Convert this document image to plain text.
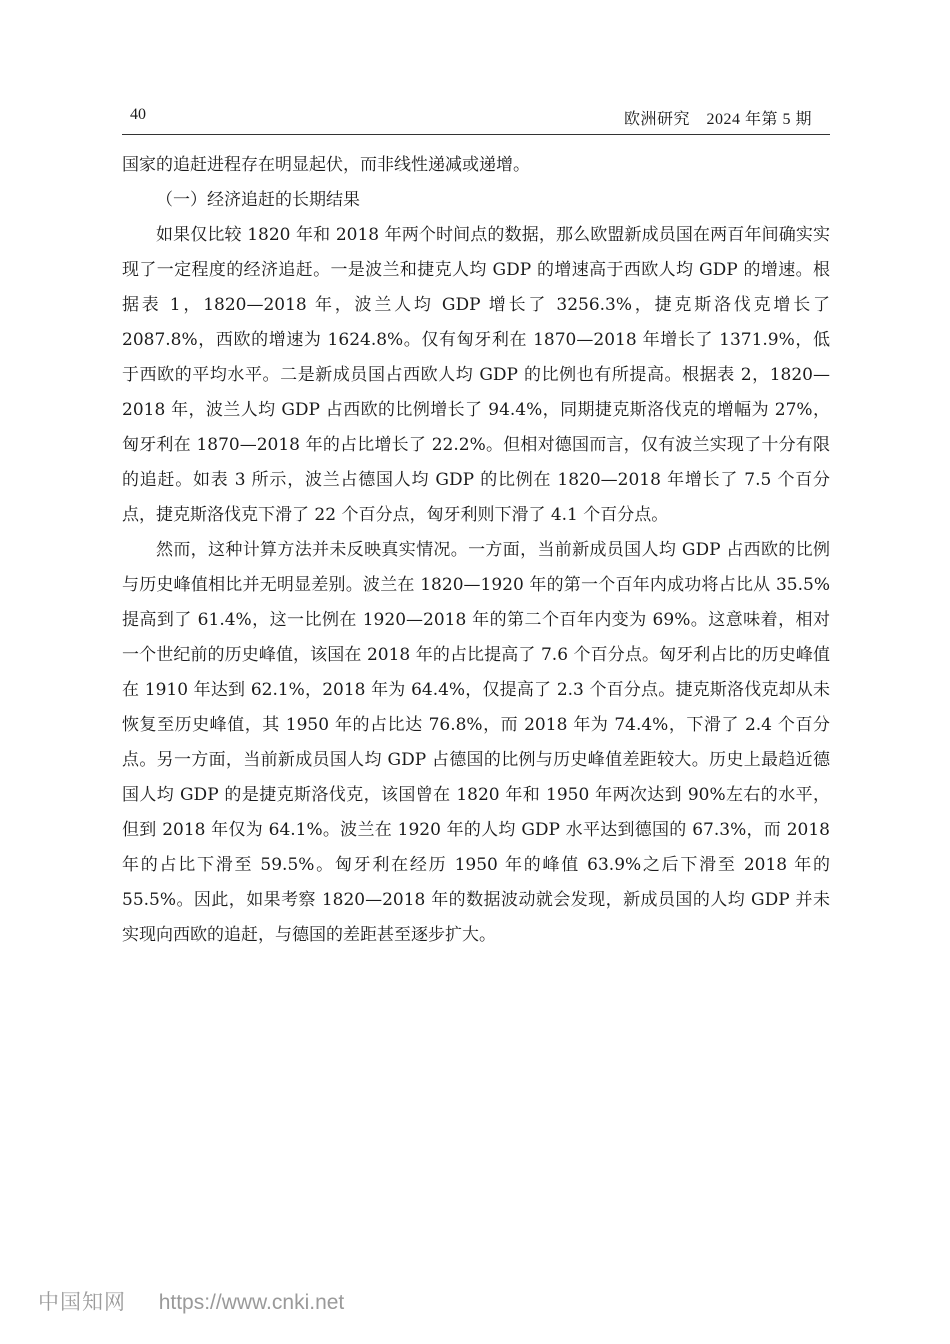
40	欧洲研究　2024 年第 5 期

国家的追赶进程存在明显起伏，而非线性递减或递增。

（一）经济追赶的长期结果

如果仅比较 1820 年和 2018 年两个时间点的数据，那么欧盟新成员国在两百年间确实实现了一定程度的经济追赶。一是波兰和捷克人均 GDP 的增速高于西欧人均 GDP 的增速。根据表 1，1820—2018 年，波兰人均 GDP 增长了 3256.3%，捷克斯洛伐克增长了 2087.8%，西欧的增速为 1624.8%。仅有匈牙利在 1870—2018 年增长了 1371.9%，低于西欧的平均水平。二是新成员国占西欧人均 GDP 的比例也有所提高。根据表 2，1820—2018 年，波兰人均 GDP 占西欧的比例增长了 94.4%，同期捷克斯洛伐克的增幅为 27%，匈牙利在 1870—2018 年的占比增长了 22.2%。但相对德国而言，仅有波兰实现了十分有限的追赶。如表 3 所示，波兰占德国人均 GDP 的比例在 1820—2018 年增长了 7.5 个百分点，捷克斯洛伐克下滑了 22 个百分点，匈牙利则下滑了 4.1 个百分点。

然而，这种计算方法并未反映真实情况。一方面，当前新成员国人均 GDP 占西欧的比例与历史峰值相比并无明显差别。波兰在 1820—1920 年的第一个百年内成功将占比从 35.5%提高到了 61.4%，这一比例在 1920—2018 年的第二个百年内变为 69%。这意味着，相对一个世纪前的历史峰值，该国在 2018 年的占比提高了 7.6 个百分点。匈牙利占比的历史峰值在 1910 年达到 62.1%，2018 年为 64.4%，仅提高了 2.3 个百分点。捷克斯洛伐克却从未恢复至历史峰值，其 1950 年的占比达 76.8%，而 2018 年为 74.4%，下滑了 2.4 个百分点。另一方面，当前新成员国人均 GDP 占德国的比例与历史峰值差距较大。历史上最趋近德国人均 GDP 的是捷克斯洛伐克，该国曾在 1820 年和 1950 年两次达到 90%左右的水平，但到 2018 年仅为 64.1%。波兰在 1920 年的人均 GDP 水平达到德国的 67.3%，而 2018 年的占比下滑至 59.5%。匈牙利在经历 1950 年的峰值 63.9%之后下滑至 2018 年的 55.5%。因此，如果考察 1820—2018 年的数据波动就会发现，新成员国的人均 GDP 并未实现向西欧的追赶，与德国的差距甚至逐步扩大。

中国知网 https://www.cnki.net
